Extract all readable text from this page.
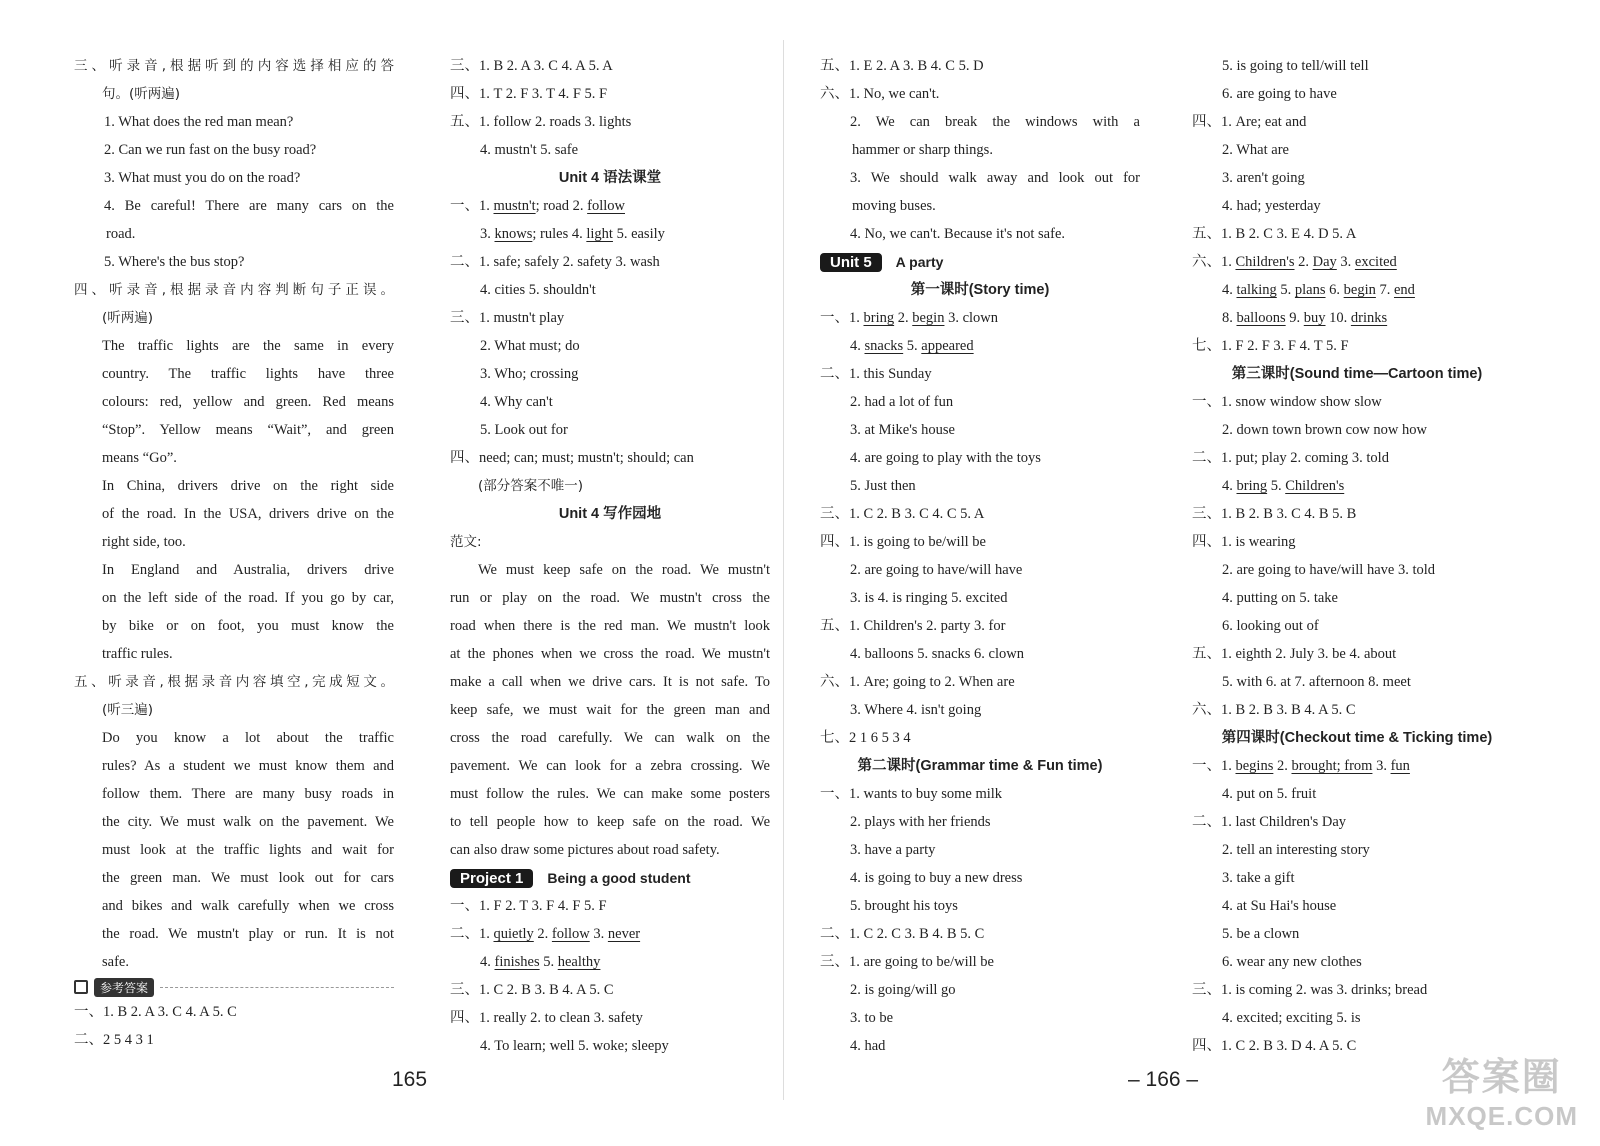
三、听录音,根据听到的内容选择相应的答
句。(听两遍)
1. What does the red man mean?
2. Can we run fast on the busy road?
3. What must you do on the road?
4. Be careful! There are many cars on the
road.
5. Where's the bus stop?
四、听录音,根据录音内容判断句子正误。
(听两遍)
The traffic lights are the same in every
country. The traffic lights have three
colours: red, yellow and green. Red means
“Stop”. Yellow means “Wait”, and green
means “Go”.
In China, drivers drive on the right side
of the road. In the USA, drivers drive on the
right side, too.
In England and Australia, drivers drive
on the left side of the road. If you go by car,
by bike or on foot, you must know the
traffic rules.
五、听录音,根据录音内容填空,完成短文。
(听三遍)
Do you know a lot about the traffic
rules? As a student we must know them and
follow them. There are many busy roads in
the city. We must walk on the pavement. We
must look at the traffic lights and wait for
the green man. We must look out for cars
and bikes and walk carefully when we cross
the road. We mustn't play or run. It is not
safe.
参考答案
一、1. B 2. A 3. C 4. A 5. C
二、2 5 4 3 1
三、1. B 2. A 3. C 4. A 5. A
四、1. T 2. F 3. T 4. F 5. F
五、1. follow 2. roads 3. lights
4. mustn't 5. safe
Unit 4 语法课堂
一、1. mustn't; road 2. follow
3. knows; rules 4. light 5. easily
二、1. safe; safely 2. safety 3. wash
4. cities 5. shouldn't
三、1. mustn't play
2. What must; do
3. Who; crossing
4. Why can't
5. Look out for
四、need; can; must; mustn't; should; can
(部分答案不唯一)
Unit 4 写作园地
范文:
We must keep safe on the road. We mustn't
run or play on the road. We mustn't cross the
road when there is the red man. We mustn't look
at the phones when we cross the road. We mustn't
make a call when we drive cars. It is not safe. To
keep safe, we must wait for the green man and
cross the road carefully. We can walk on the
pavement. We can look for a zebra crossing. We
must follow the rules. We can make some posters
to tell people how to keep safe on the road. We
can also draw some pictures about road safety.
Project 1	Being a good student
一、1. F 2. T 3. F 4. F 5. F
二、1. quietly 2. follow 3. never
4. finishes 5. healthy
三、1. C 2. B 3. B 4. A 5. C
四、1. really 2. to clean 3. safety
4. To learn; well 5. woke; sleepy
五、1. E 2. A 3. B 4. C 5. D
六、1. No, we can't.
2. We can break the windows with a
hammer or sharp things.
3. We should walk away and look out for
moving buses.
4. No, we can't. Because it's not safe.
Unit 5	A party
第一课时(Story time)
一、1. bring 2. begin 3. clown
4. snacks 5. appeared
二、1. this Sunday
2. had a lot of fun
3. at Mike's house
4. are going to play with the toys
5. Just then
三、1. C 2. B 3. C 4. C 5. A
四、1. is going to be/will be
2. are going to have/will have
3. is 4. is ringing 5. excited
五、1. Children's 2. party 3. for
4. balloons 5. snacks 6. clown
六、1. Are; going to 2. When are
3. Where 4. isn't going
七、2 1 6 5 3 4
第二课时(Grammar time & Fun time)
一、1. wants to buy some milk
2. plays with her friends
3. have a party
4. is going to buy a new dress
5. brought his toys
二、1. C 2. C 3. B 4. B 5. C
三、1. are going to be/will be
2. is going/will go
3. to be
4. had
5. is going to tell/will tell
6. are going to have
四、1. Are; eat and
2. What are
3. aren't going
4. had; yesterday
五、1. B 2. C 3. E 4. D 5. A
六、1. Children's 2. Day 3. excited
4. talking 5. plans 6. begin 7. end
8. balloons 9. buy 10. drinks
七、1. F 2. F 3. F 4. T 5. F
第三课时(Sound time—Cartoon time)
一、1. snow window show slow
2. down town brown cow now how
二、1. put; play 2. coming 3. told
4. bring 5. Children's
三、1. B 2. B 3. C 4. B 5. B
四、1. is wearing
2. are going to have/will have 3. told
4. putting on 5. take
6. looking out of
五、1. eighth 2. July 3. be 4. about
5. with 6. at 7. afternoon 8. meet
六、1. B 2. B 3. B 4. A 5. C
第四课时(Checkout time & Ticking time)
一、1. begins 2. brought; from 3. fun
4. put on 5. fruit
二、1. last Children's Day
2. tell an interesting story
3. take a gift
4. at Su Hai's house
5. be a clown
6. wear any new clothes
三、1. is coming 2. was 3. drinks; bread
4. excited; exciting 5. is
四、1. C 2. B 3. D 4. A 5. C
165	– 166 –	答案圈
MXQE.COM
